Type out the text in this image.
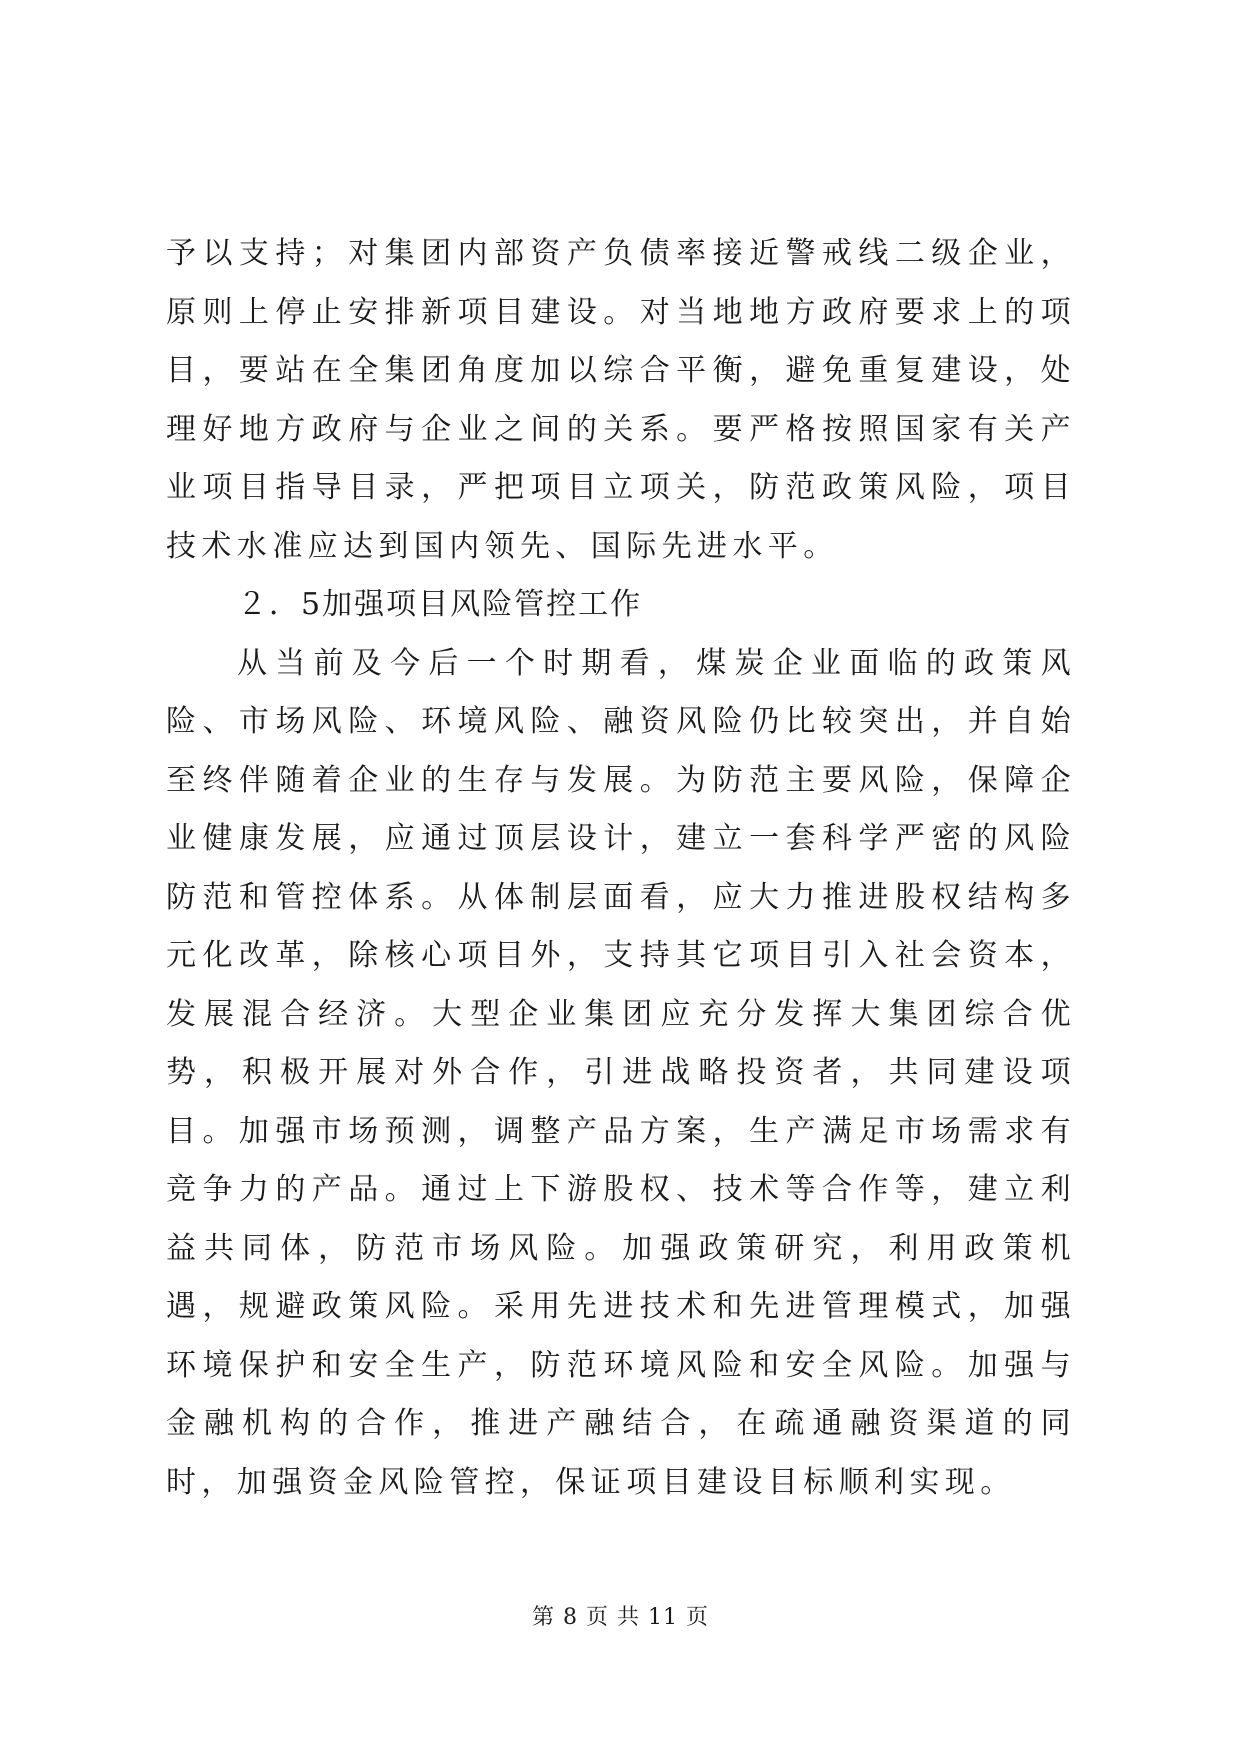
予以支持；对集团内部资产负债率接近警戒线二级企业，原则上停止安排新项目建设。对当地地方政府要求上的项目，要站在全集团角度加以综合平衡，避免重复建设，处理好地方政府与企业之间的关系。要严格按照国家有关产业项目指导目录，严把项目立项关，防范政策风险，项目技术水准应达到国内领先、国际先进水平。

２．5加强项目风险管控工作

从当前及今后一个时期看，煤炭企业面临的政策风险、市场风险、环境风险、融资风险仍比较突出，并自始至终伴随着企业的生存与发展。为防范主要风险，保障企业健康发展，应通过顶层设计，建立一套科学严密的风险防范和管控体系。从体制层面看，应大力推进股权结构多元化改革，除核心项目外，支持其它项目引入社会资本，发展混合经济。大型企业集团应充分发挥大集团综合优势，积极开展对外合作，引进战略投资者，共同建设项目。加强市场预测，调整产品方案，生产满足市场需求有竞争力的产品。通过上下游股权、技术等合作等，建立利益共同体，防范市场风险。加强政策研究，利用政策机遇，规避政策风险。采用先进技术和先进管理模式，加强环境保护和安全生产，防范环境风险和安全风险。加强与金融机构的合作，推进产融结合，在疏通融资渠道的同时，加强资金风险管控，保证项目建设目标顺利实现。

第 8 页 共 11 页
